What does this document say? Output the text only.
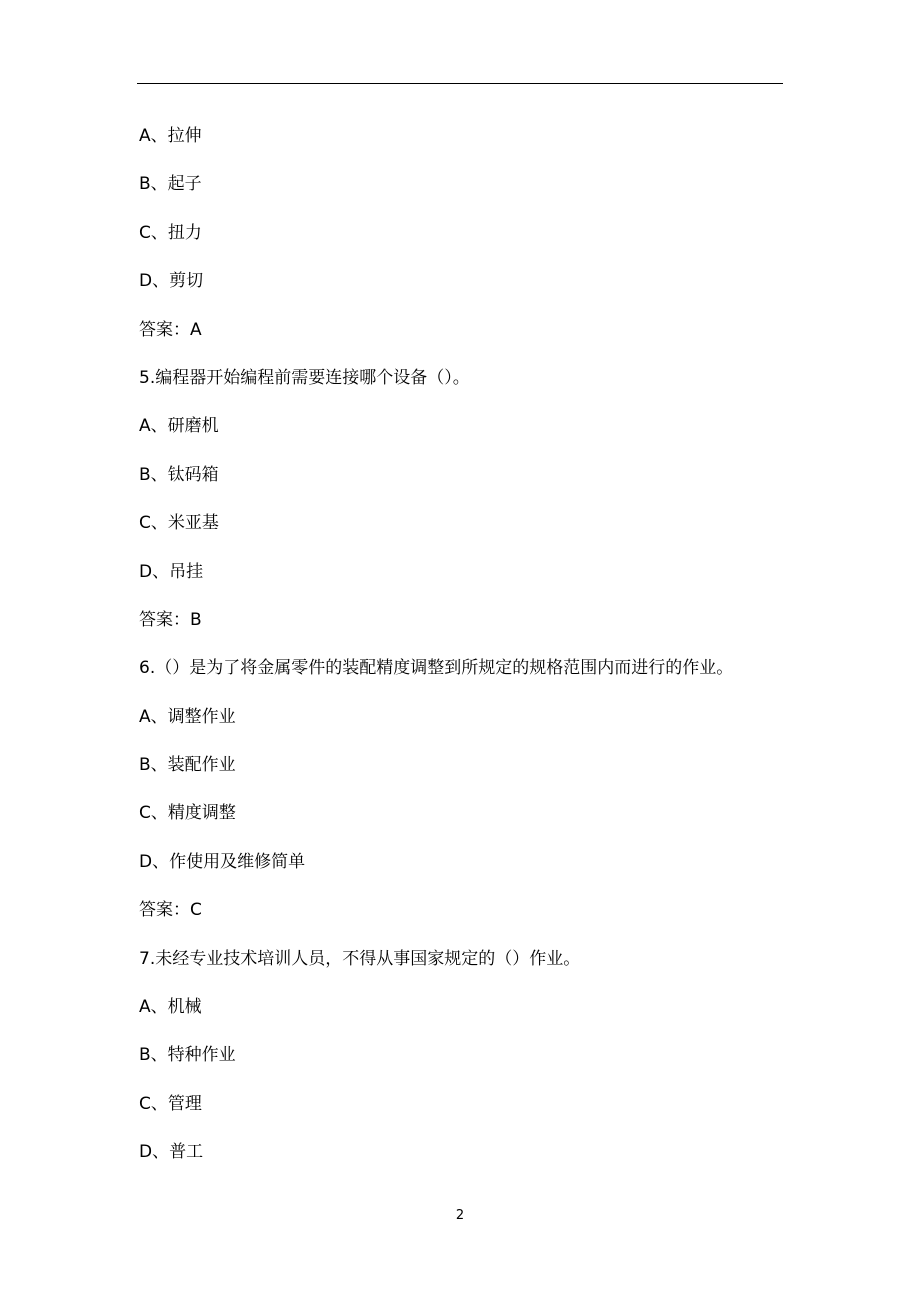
A、拉伸
B、起子
C、扭力
D、剪切
答案：A
5.编程器开始编程前需要连接哪个设备（）。
A、研磨机
B、钛码箱
C、米亚基
D、吊挂
答案：B
6.（）是为了将金属零件的装配精度调整到所规定的规格范围内而进行的作业。
A、调整作业
B、装配作业
C、精度调整
D、作使用及维修简单
答案：C
7.未经专业技术培训人员，不得从事国家规定的（）作业。
A、机械
B、特种作业
C、管理
D、普工
2
